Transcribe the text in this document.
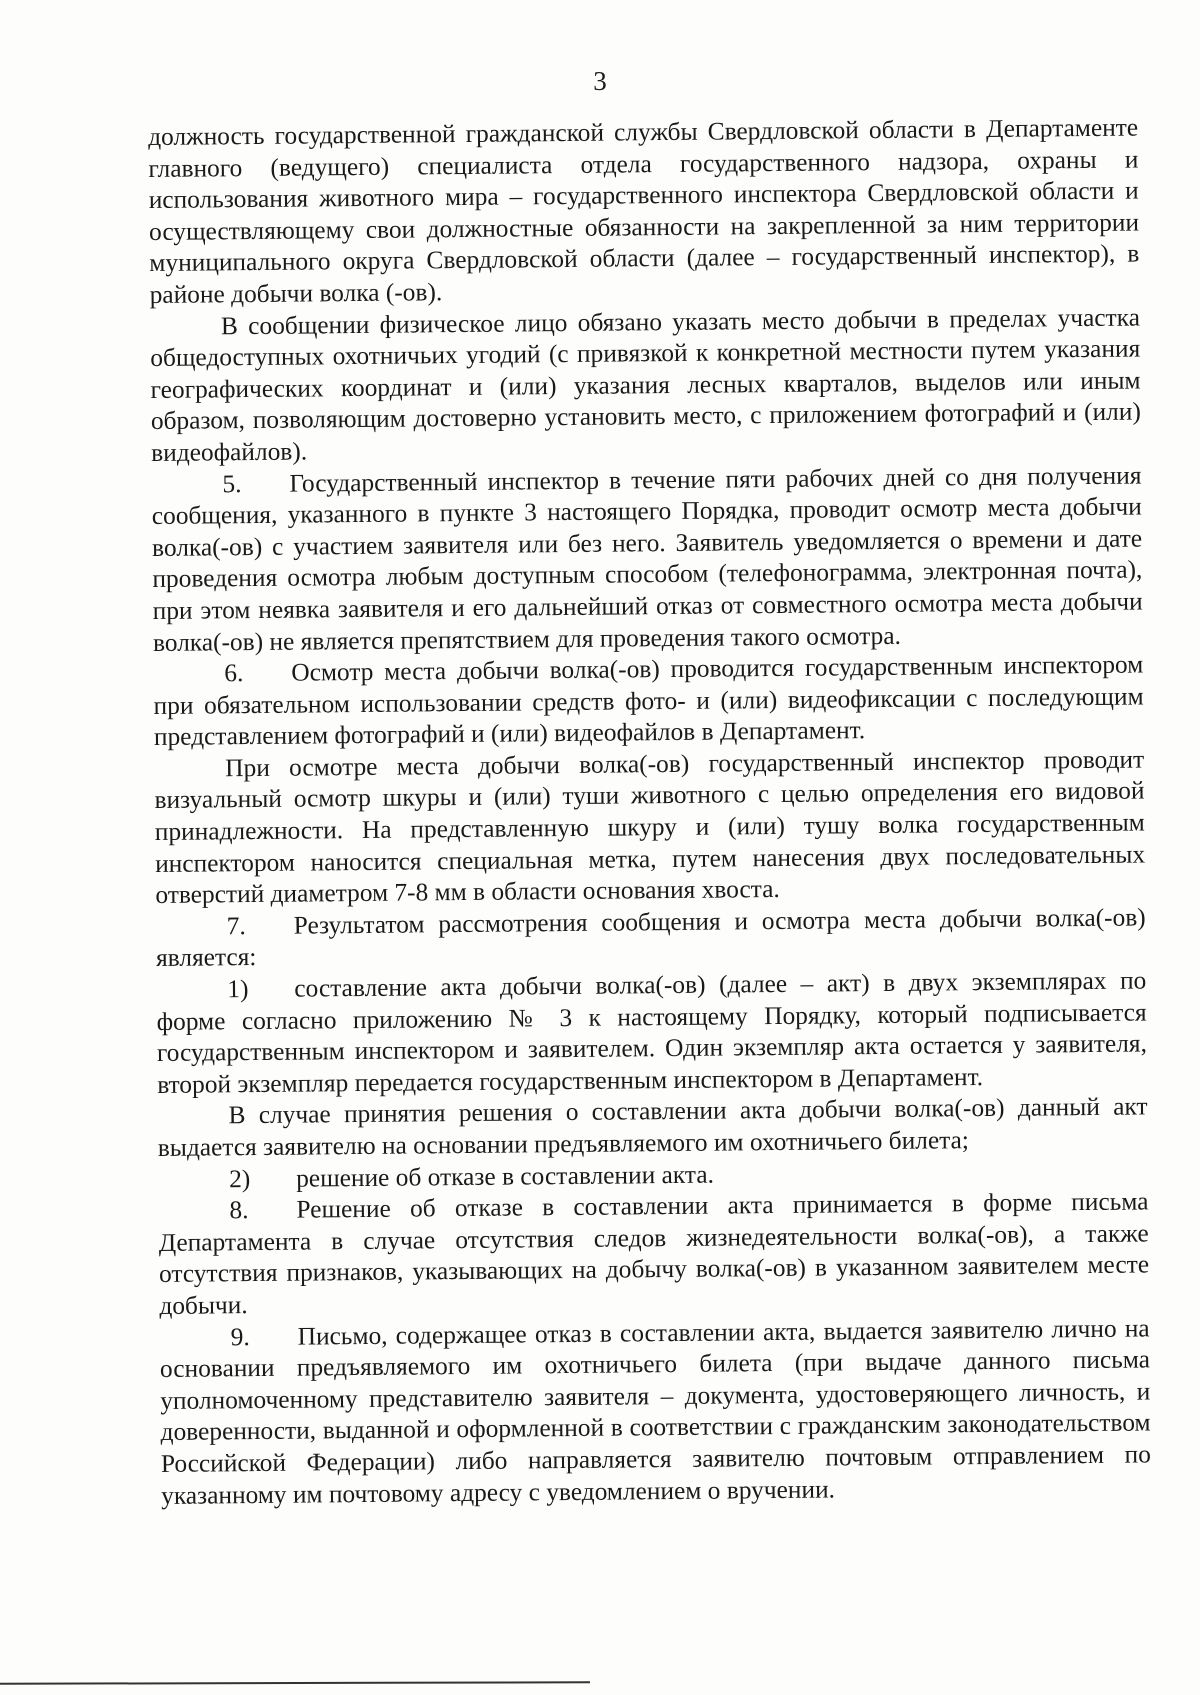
3

должность государственной гражданской службы Свердловской области в Департаменте главного (ведущего) специалиста отдела государственного надзора, охраны и использования животного мира – государственного инспектора Свердловской области и осуществляющему свои должностные обязанности на закрепленной за ним территории муниципального округа Свердловской области (далее – государственный инспектор), в районе добычи волка (-ов).

В сообщении физическое лицо обязано указать место добычи в пределах участка общедоступных охотничьих угодий (с привязкой к конкретной местности путем указания географических координат и (или) указания лесных кварталов, выделов или иным образом, позволяющим достоверно установить место, с приложением фотографий и (или) видеофайлов).

5. Государственный инспектор в течение пяти рабочих дней со дня получения сообщения, указанного в пункте 3 настоящего Порядка, проводит осмотр места добычи волка(-ов) с участием заявителя или без него. Заявитель уведомляется о времени и дате проведения осмотра любым доступным способом (телефонограмма, электронная почта), при этом неявка заявителя и его дальнейший отказ от совместного осмотра места добычи волка(-ов) не является препятствием для проведения такого осмотра.

6. Осмотр места добычи волка(-ов) проводится государственным инспектором при обязательном использовании средств фото- и (или) видеофиксации с последующим представлением фотографий и (или) видеофайлов в Департамент.

При осмотре места добычи волка(-ов) государственный инспектор проводит визуальный осмотр шкуры и (или) туши животного с целью определения его видовой принадлежности. На представленную шкуру и (или) тушу волка государственным инспектором наносится специальная метка, путем нанесения двух последовательных отверстий диаметром 7-8 мм в области основания хвоста.

7. Результатом рассмотрения сообщения и осмотра места добычи волка(-ов) является:

1) составление акта добычи волка(-ов) (далее – акт) в двух экземплярах по форме согласно приложению № 3 к настоящему Порядку, который подписывается государственным инспектором и заявителем. Один экземпляр акта остается у заявителя, второй экземпляр передается государственным инспектором в Департамент.

В случае принятия решения о составлении акта добычи волка(-ов) данный акт выдается заявителю на основании предъявляемого им охотничьего билета;

2) решение об отказе в составлении акта.

8. Решение об отказе в составлении акта принимается в форме письма Департамента в случае отсутствия следов жизнедеятельности волка(-ов), а также отсутствия признаков, указывающих на добычу волка(-ов) в указанном заявителем месте добычи.

9. Письмо, содержащее отказ в составлении акта, выдается заявителю лично на основании предъявляемого им охотничьего билета (при выдаче данного письма уполномоченному представителю заявителя – документа, удостоверяющего личность, и доверенности, выданной и оформленной в соответствии с гражданским законодательством Российской Федерации) либо направляется заявителю почтовым отправлением по указанному им почтовому адресу с уведомлением о вручении.
